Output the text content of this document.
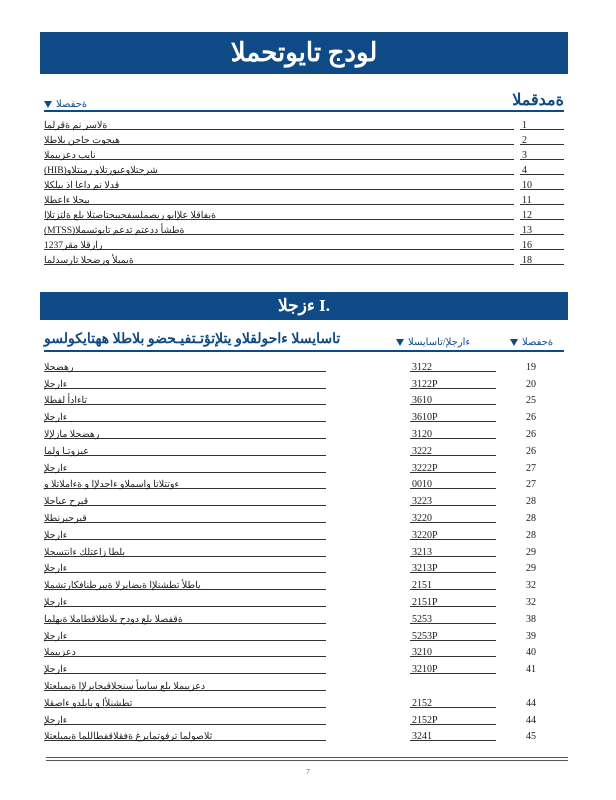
لودج تايوتحملا
ةحفصلا	ةمدقملا
ةلاسر نم ةقرلما	1
هيجوت حاجن بلاطلا	2
نايب دعزييملا	3
(HIB)شرحتلاوعيورتلاو رمنتلاو	4
قدلا نم داعا اذ بيلكلا	10
بيجلا ءاعطلا	11
ةيفاقلا علإابو ريصملسفحيبحتاصتلا ىلع ةلتزتلإا	12
(MTSS)ةطشأ ددعتم تدعم تايوتسملا	13
رارقلا مقر1237	16
ةيميلأ ورضحلا تارسدلما	18
ءزجلا I.
ةحفصلا
ءارجلإ/تاسايسلا
تاسايسلا ءاحولقلاو يتلإتؤتـتفيـحضو بلاطلا ههتايكولسو
رهضحلا	3122	19
ءارجلإ	3122P	20
تاءادأ لفطلا	3610	25
ءارجلإ	3610P	26
رهضحلا مازلإلا	3120	26
عيزوتـا ولما	3222	26
ءارجلإ	3222P	27
ءوتتلاتا واسملاو ءاجدلإا و ةءاملاتلا و	0010	27
قيرح عباجلا	3223	28
قيرحيرنطلا	3220	28
ءارجلإ	3220P	28
بلطا زاعتلك ءانتسجلا	3213	29
ءارجلإ	3213P	29
ياطلأ تطشنلإا ةيضايرلا ةيبرطنافكارتشملا	2151	32
ءارجلإ	2151P	32
ةقفصلا ىلع دودح بلاطلاقطاملا ةيهلما	5253	38
ءارجلإ	5253P	39
دعزييملا	3210	40
ءارجلإ	3210P	41
دعزييملا ىلع ساسأ سنجلاقيجابرلإا ةيميلعتلا
تطشنلأا و بابلدو ءاصقلا	2152	44
ءارجلإ	2152P	44
ثلاصولما ترفوتمايرغ ةفقلاقفطاللما ةيميلعتلا	3241	45
7
